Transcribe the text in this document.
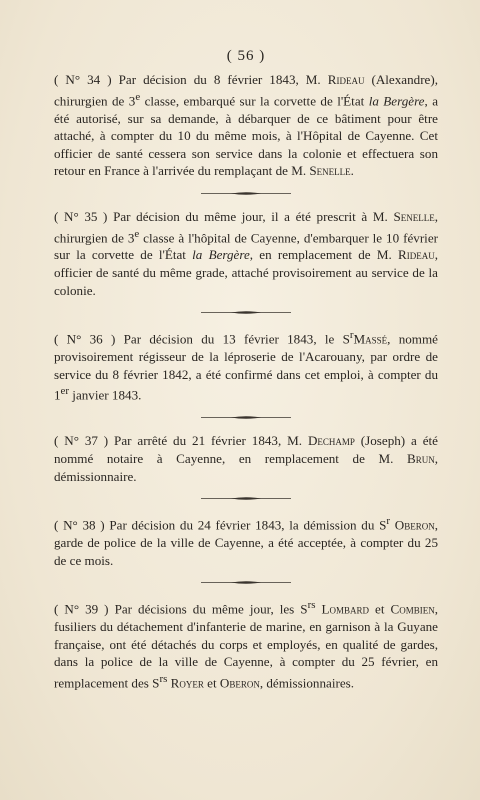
( 56 )

( N° 34 ) Par décision du 8 février 1843, M. Rideau (Alexandre), chirurgien de 3e classe, embarqué sur la corvette de l'État la Bergère, a été autorisé, sur sa demande, à débarquer de ce bâtiment pour être attaché, à compter du 10 du même mois, à l'Hôpital de Cayenne. Cet officier de santé cessera son service dans la colonie et effectuera son retour en France à l'arrivée du remplaçant de M. Senelle.

( N° 35 ) Par décision du même jour, il a été prescrit à M. Senelle, chirurgien de 3e classe à l'hôpital de Cayenne, d'embarquer le 10 février sur la corvette de l'État la Bergère, en remplacement de M. Rideau, officier de santé du même grade, attaché provisoirement au service de la colonie.

( N° 36 ) Par décision du 13 février 1843, le $S^rMassé$, nommé provisoirement régisseur de la léproserie de l'Acarouany, par ordre de service du 8 février 1842, a été confirmé dans cet emploi, à compter du 1er janvier 1843.

( N° 37 ) Par arrêté du 21 février 1843, M. Dechamp (Joseph) a été nommé notaire à Cayenne, en remplacement de M. Brun, démissionnaire.

( N° 38 ) Par décision du 24 février 1843, la démission du $S^r$ Oberon, garde de police de la ville de Cayenne, a été acceptée, à compter du 25 de ce mois.

( N° 39 ) Par décisions du même jour, les $S^{rs}$ Lombard et Combien, fusiliers du détachement d'infanterie de marine, en garnison à la Guyane française, ont été détachés du corps et employés, en qualité de gardes, dans la police de la ville de Cayenne, à compter du 25 février, en remplacement des $S^{rs}$ Royer et Oberon, démissionnaires.
